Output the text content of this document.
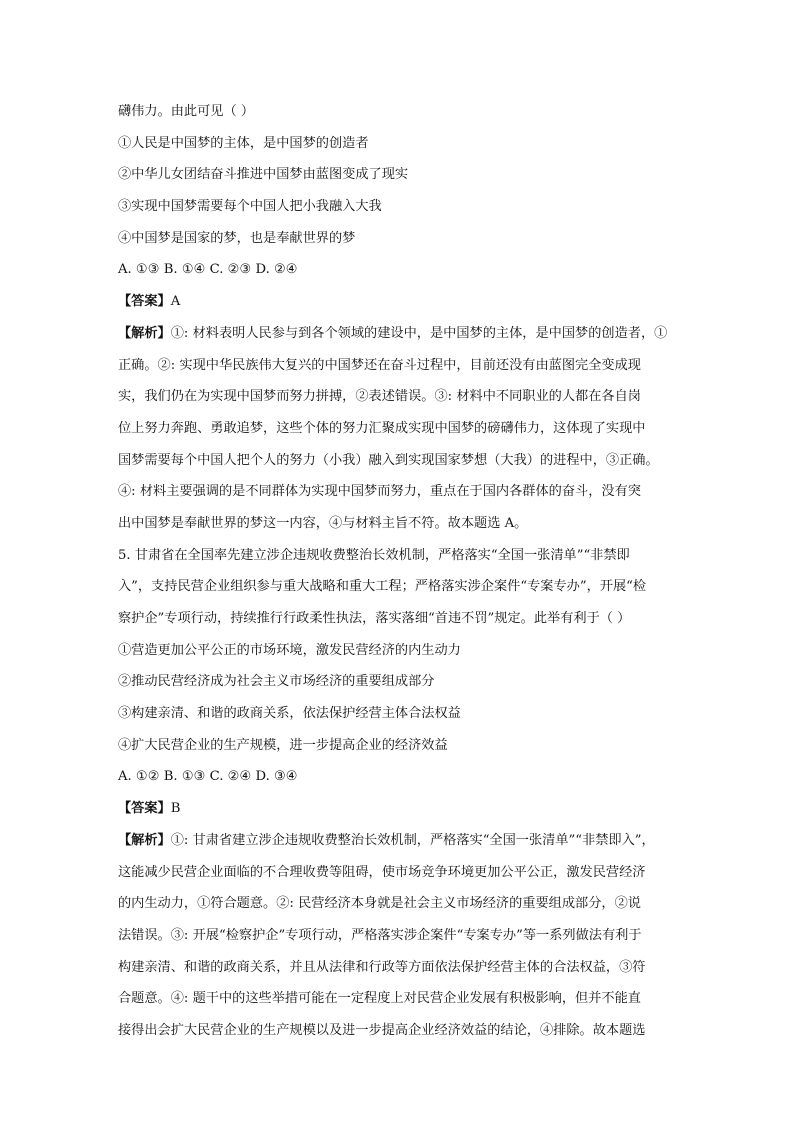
礴伟力。由此可见（ ）
①人民是中国梦的主体，是中国梦的创造者
②中华儿女团结奋斗推进中国梦由蓝图变成了现实
③实现中国梦需要每个中国人把小我融入大我
④中国梦是国家的梦，也是奉献世界的梦
A. ①③ B. ①④ C. ②③ D. ②④
【答案】A
【解析】①: 材料表明人民参与到各个领域的建设中，是中国梦的主体，是中国梦的创造者，①
正确。②: 实现中华民族伟大复兴的中国梦还在奋斗过程中，目前还没有由蓝图完全变成现
实，我们仍在为实现中国梦而努力拼搏，②表述错误。③: 材料中不同职业的人都在各自岗
位上努力奔跑、勇敢追梦，这些个体的努力汇聚成实现中国梦的磅礴伟力，这体现了实现中
国梦需要每个中国人把个人的努力（小我）融入到实现国家梦想（大我）的进程中，③正确。
④: 材料主要强调的是不同群体为实现中国梦而努力，重点在于国内各群体的奋斗，没有突
出中国梦是奉献世界的梦这一内容，④与材料主旨不符。故本题选 A。
5. 甘肃省在全国率先建立涉企违规收费整治长效机制，严格落实“全国一张清单”“非禁即
入”，支持民营企业组织参与重大战略和重大工程；严格落实涉企案件“专案专办”，开展“检
察护企”专项行动，持续推行行政柔性执法，落实落细“首违不罚”规定。此举有利于（ ）
①营造更加公平公正的市场环境，激发民营经济的内生动力
②推动民营经济成为社会主义市场经济的重要组成部分
③构建亲清、和谐的政商关系，依法保护经营主体合法权益
④扩大民营企业的生产规模，进一步提高企业的经济效益
A. ①② B. ①③ C. ②④ D. ③④
【答案】B
【解析】①: 甘肃省建立涉企违规收费整治长效机制，严格落实“全国一张清单”“非禁即入”，
这能减少民营企业面临的不合理收费等阻碍，使市场竞争环境更加公平公正，激发民营经济
的内生动力，①符合题意。②: 民营经济本身就是社会主义市场经济的重要组成部分，②说
法错误。③: 开展“检察护企”专项行动，严格落实涉企案件“专案专办”等一系列做法有利于
构建亲清、和谐的政商关系，并且从法律和行政等方面依法保护经营主体的合法权益，③符
合题意。④: 题干中的这些举措可能在一定程度上对民营企业发展有积极影响，但并不能直
接得出会扩大民营企业的生产规模以及进一步提高企业经济效益的结论，④排除。故本题选
